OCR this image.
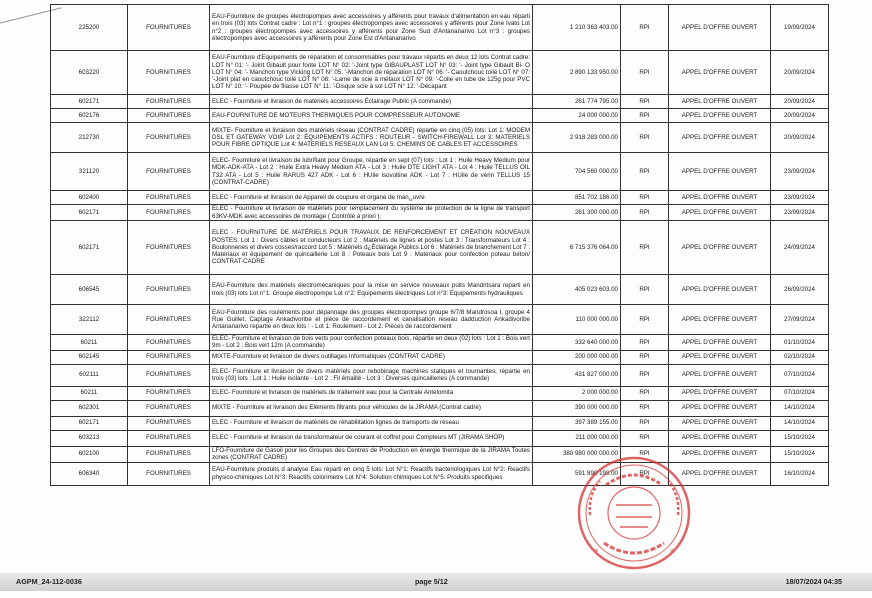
225200	FOURNITURES	EAU-Fourniture de groupes électropompes avec accessoires y afférents pour travaux d'alimentation en eau réparti en trois (03) lots Contrat cadre : Lot n°1 : groupes électropompes avec accessoires y afférents pour Zone Ivato Lot n°2 : groupes électropompes avec accessoires y afférents pour Zone Sud d'Antananarivo Lot n°3 : groupes électropompes avec accessoires y afférents pour Zone Est d'Antananarivo	1 210 363 403.00	RPI	APPEL D'OFFRE OUVERT	19/09/2024
603220	FOURNITURES	EAU-Fourniture d'Equipements de réparation et consommables pour travaux répartis en deux 12 lots Contrat cadre: LOT N° 01: '- Joint Gibault pour fonte LOT N° 02: '-Joint type GIBAUPLAST LOT N° 03: '- Joint type Gibault Bi- O LOT N° 04: '- Manchon type Vicking LOT N° 05: '-Manchon de réparation LOT N° 06: '- Caoutchouc toilé LOT N° 07: '-Joint plat en caoutchouc toilé LOT N° 08: '-Lame de scie à métaux LOT N° 09: '-Colle en tube de 125g pour PVC LOT N° 10: '- Poupée de filasse LOT N° 11: '-Disque scie à sol LOT N° 12: '-Décapant	2 890 133 950.00	RPI	APPEL D'OFFRE OUVERT	20/09/2024
602171	FOURNITURES	ELEC - Fourniture et livraison de matériels accessoires Éclairage Public (A commande)	261 774 795.00	RPI	APPEL D'OFFRE OUVERT	20/09/2024
602176	FOURNITURES	EAU-FOURNITURE DE MOTEURS THERMIQUES POUR COMPRESSEUR AUTONOME	24 000 000.00	RPI	APPEL D'OFFRE OUVERT	20/09/2024
212730	FOURNITURES	MIXTE- Fourniture et livraison des matériels réseau (CONTRAT CADRE) répartie en cinq (05) lots: Lot 1: MODEM DSL ET GATEWAY VOIP Lot 2: ÉQUIPEMENTS ACTIFS : ROUTEUR - SWITCH-FIREWALL Lot 3: MATERIELS POUR FIBRE OPTIQUE Lot 4: MATERIELS RESEAUX LAN Lot 5: CHEMINS DE CABLES ET ACCESSOIRES	2 918 283 000.00	RPI	APPEL D'OFFRE OUVERT	20/09/2024
321120	FOURNITURES	ELEC- Fourniture et livraison de lubrifiant pour Groupe, répartie en sept (07) lots : Lot 1 : Huile Heavy Medium pour MDK-ADK-ATA - Lot 2 : Huile Extra Heavy Medium ATA - Lot 3 : Huile DTE LIGHT ATA - Lot 4 : Huile TELLUS OIL T32 ATA - Lot 5 : Huile RARUS 427 ADK - Lot 6 : HUile isovoltine ADK - Lot 7 : HUile de vérin TELLUS 15 (CONTRAT-CADRE)	704 560 000.00	RPI	APPEL D'OFFRE OUVERT	23/09/2024
602400	FOURNITURES	ELEC - Fourniture et livraison de Appareil de coupure et organe de man␣uvre	851 702 186.00	RPI	APPEL D'OFFRE OUVERT	23/09/2024
602171	FOURNITURES	ELEC - Fourniture et livraison de matériels pour remplacement du système de protection de la ligne de transport 63KV-MDK avec accessoires de montage ( Contrôle à priori ).	261 300 000.00	RPI	APPEL D'OFFRE OUVERT	23/09/2024
602171	FOURNITURES	ELEC - FOURNITURE DE MATÉRIELS POUR TRAVAUX DE RENFORCEMENT ET CRÉATION NOUVEAUX POSTES: Lot 1 : Divers câbles et conducteurs Lot 2 : Matériels de lignes et postes Lot 3 : Transformateurs Lot 4 : Boulonneries et divers cosses/raccord Lot 5 : Matériels d¿Éclairage Publics Lot 6 : Matériels de branchement Lot 7 : Matériaux et équipement de quincaillerie Lot 8 : Poteaux bois Lot 9 : Matériaux pour confection poteau béton/ CONTRAT-CADRE	6 715 376 064.00	RPI	APPEL D'OFFRE OUVERT	24/09/2024
606545	FOURNITURES	EAU-Fourniture des matériels électromécaniques pour la mise en service nouveaux puits Mandritsara reparti en trois (03) lots Lot n°1: Groupe électropompe Lot n°2: Equipements électriques Lot n°3: Equipements hydrauliques	405 023 603.00	RPI	APPEL D'OFFRE OUVERT	26/09/2024
322112	FOURNITURES	EAU-Fourniture des roulements pour dépannage des groupes électropompes groupe 6/7/8 Mandrosoa I, groupe 4 Rue Guillet, Captage Ankadivoribe et pièce de raccordement et canalisation reseau dadduction Ankadivoribe Antananarivo repartie en deux lots : - Lot 1: Roulement - Lot 2: Pièces de raccordement	110 000 000.00	RPI	APPEL D'OFFRE OUVERT	27/09/2024
60211	FOURNITURES	ELEC- Fourniture et livraison de bois verts pour confection poteaux bois, répartie en deux (02) lots : Lot 1 : Bois vert 9m - Lot 2 : Bois vert 12m (A commande)	332 640 000.00	RPI	APPEL D'OFFRE OUVERT	01/10/2024
602145	FOURNITURES	MIXTE-Fourniture et livraison de divers outillages Informatiques (CONTRAT CADRE)	200 000 000.00	RPI	APPEL D'OFFRE OUVERT	02/10/2024
602111	FOURNITURES	ELEC- Fourniture et livraison de divers matériels pour rebobinage machines statiques et tournantes, répartie en trois (03) lots : Lot 1 : Huile isolante - Lot 2 : Fil émaillé - Lot 3 : Diverses quincailleries (A commande)	431 827 000.00	RPI	APPEL D'OFFRE OUVERT	07/10/2024
60211	FOURNITURES	ELEC- Fourniture et livraison de matériels de traitement eau pour la Centrale Antelomita	2 000 000.00	RPI	APPEL D'OFFRE OUVERT	07/10/2024
602301	FOURNITURES	MIXTE - Fourniture et livraison des Eléments filtrants pour véhicules de la JIRAMA (Contrat cadre)	390 000 000.00	RPI	APPEL D'OFFRE OUVERT	14/10/2024
602171	FOURNITURES	ELEC - Fourniture et livraison de matériels de réhabilitation lignes de transports de réseau	397 389 155.00	RPI	APPEL D'OFFRE OUVERT	14/10/2024
603213	FOURNITURES	ELEC - Fourniture et livraison de transformateur de courant et coffret pour Compteurs MT (JIRAMA SHOP)	211 000 000.00	RPI	APPEL D'OFFRE OUVERT	15/10/2024
602100	FOURNITURES	LFO-Fourniture de Gasoil pour les Groupes des Centres de Production en énergie thermique de la JIRAMA Toutes zones (CONTRAT CADRE)	380 980 000 000.00	RPI	APPEL D'OFFRE OUVERT	15/10/2024
606340	FOURNITURES	EAU-Fourniture produits d analyse Eau réparti en cinq 5 lots: Lot N°1: Reactifs bacteriologiques Lot N°2: Reactifs physico-chimiques Lot N°3: Reactifs colorimetre Lot N°4: Solution chimiques Lot N°5: Produits specifiques	591 890 198.00	RPI	APPEL D'OFFRE OUVERT	16/10/2024
*	*
AGPM_24-112-0036	page 5/12	18/07/2024 04:35
